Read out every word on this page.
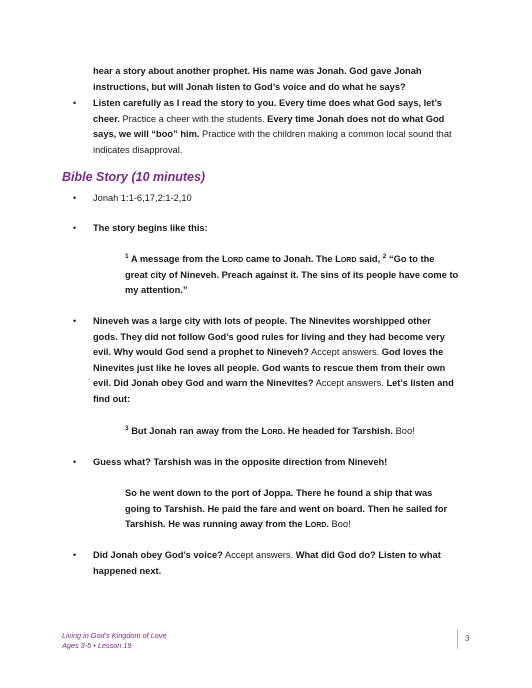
hear a story about another prophet. His name was Jonah. God gave Jonah
instructions, but will Jonah listen to God’s voice and do what he says?
• Listen carefully as I read the story to you. Every time does what God says, let’s
cheer. Practice a cheer with the students. Every time Jonah does not do what God
says, we will “boo” him. Practice with the children making a common local sound that
indicates disapproval.
Bible Story (10 minutes)
• Jonah 1:1-6,17,2:1-2,10
• The story begins like this:
$^1$ A message from the Lord came to Jonah. The Lord said, $^2$ “Go to the
great city of Nineveh. Preach against it. The sins of its people have come to
my attention.”
• Nineveh was a large city with lots of people. The Ninevites worshipped other
gods. They did not follow God’s good rules for living and they had become very
evil. Why would God send a prophet to Nineveh? Accept answers. God loves the
Ninevites just like he loves all people. God wants to rescue them from their own
evil. Did Jonah obey God and warn the Ninevites? Accept answers. Let’s listen and
find out:
$^3$ But Jonah ran away from the Lord. He headed for Tarshish. Boo!
• Guess what? Tarshish was in the opposite direction from Nineveh!
So he went down to the port of Joppa. There he found a ship that was
going to Tarshish. He paid the fare and went on board. Then he sailed for
Tarshish. He was running away from the Lord. Boo!
• Did Jonah obey God’s voice? Accept answers. What did God do? Listen to what
happened next.
Living in God’s Kingdom of Love
Ages 3-5 • Lesson 19
3
